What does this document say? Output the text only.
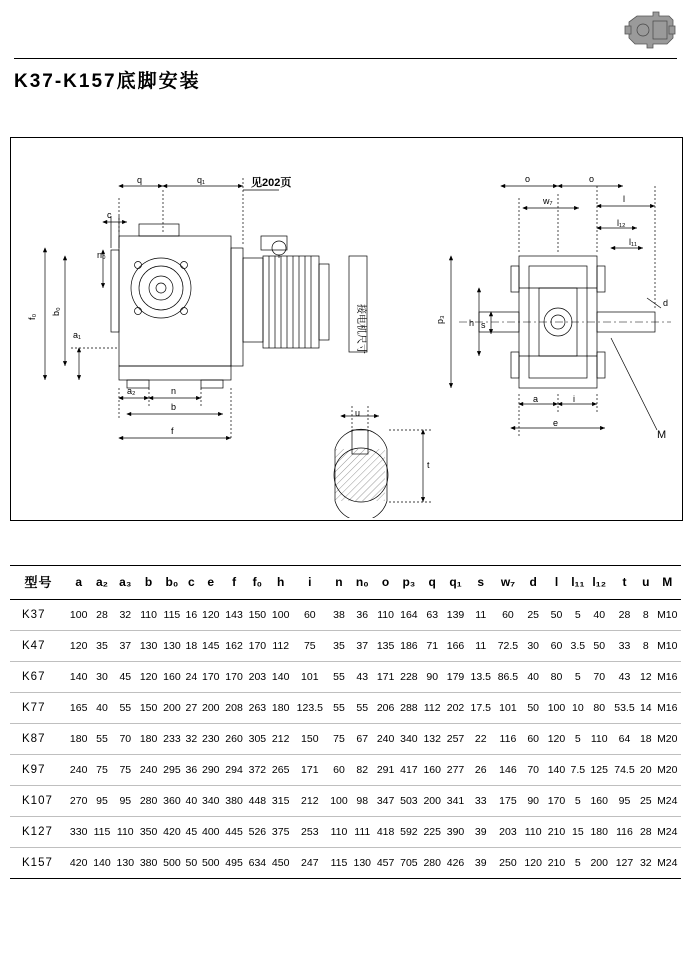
K37-K157底脚安装
q	q₁
c
n₀
f₀
b₀
a₁
a₂	n
b
f
u
t
o	o
w₇	l
l₁₂
l₁₁
d
M
p₃	h s
a	i
e
见202页
接电机尺寸
型号	a	a₂	a₃	b	b₀	c	e	f	f₀	h	i	n	n₀	o	p₃	q	q₁	s	w₇	d	l	l₁₁	l₁₂	t	u	M
K37	100	28	32	110	115	16	120	143	150	100	60	38	36	110	164	63	139	11	60	25	50	5	40	28	8	M10
K47	120	35	37	130	130	18	145	162	170	112	75	35	37	135	186	71	166	11	72.5	30	60	3.5	50	33	8	M10
K67	140	30	45	120	160	24	170	170	203	140	101	55	43	171	228	90	179	13.5	86.5	40	80	5	70	43	12	M16
K77	165	40	55	150	200	27	200	208	263	180	123.5	55	55	206	288	112	202	17.5	101	50	100	10	80	53.5	14	M16
K87	180	55	70	180	233	32	230	260	305	212	150	75	67	240	340	132	257	22	116	60	120	5	110	64	18	M20
K97	240	75	75	240	295	36	290	294	372	265	171	60	82	291	417	160	277	26	146	70	140	7.5	125	74.5	20	M20
K107	270	95	95	280	360	40	340	380	448	315	212	100	98	347	503	200	341	33	175	90	170	5	160	95	25	M24
K127	330	115	110	350	420	45	400	445	526	375	253	110	111	418	592	225	390	39	203	110	210	15	180	116	28	M24
K157	420	140	130	380	500	50	500	495	634	450	247	115	130	457	705	280	426	39	250	120	210	5	200	127	32	M24
